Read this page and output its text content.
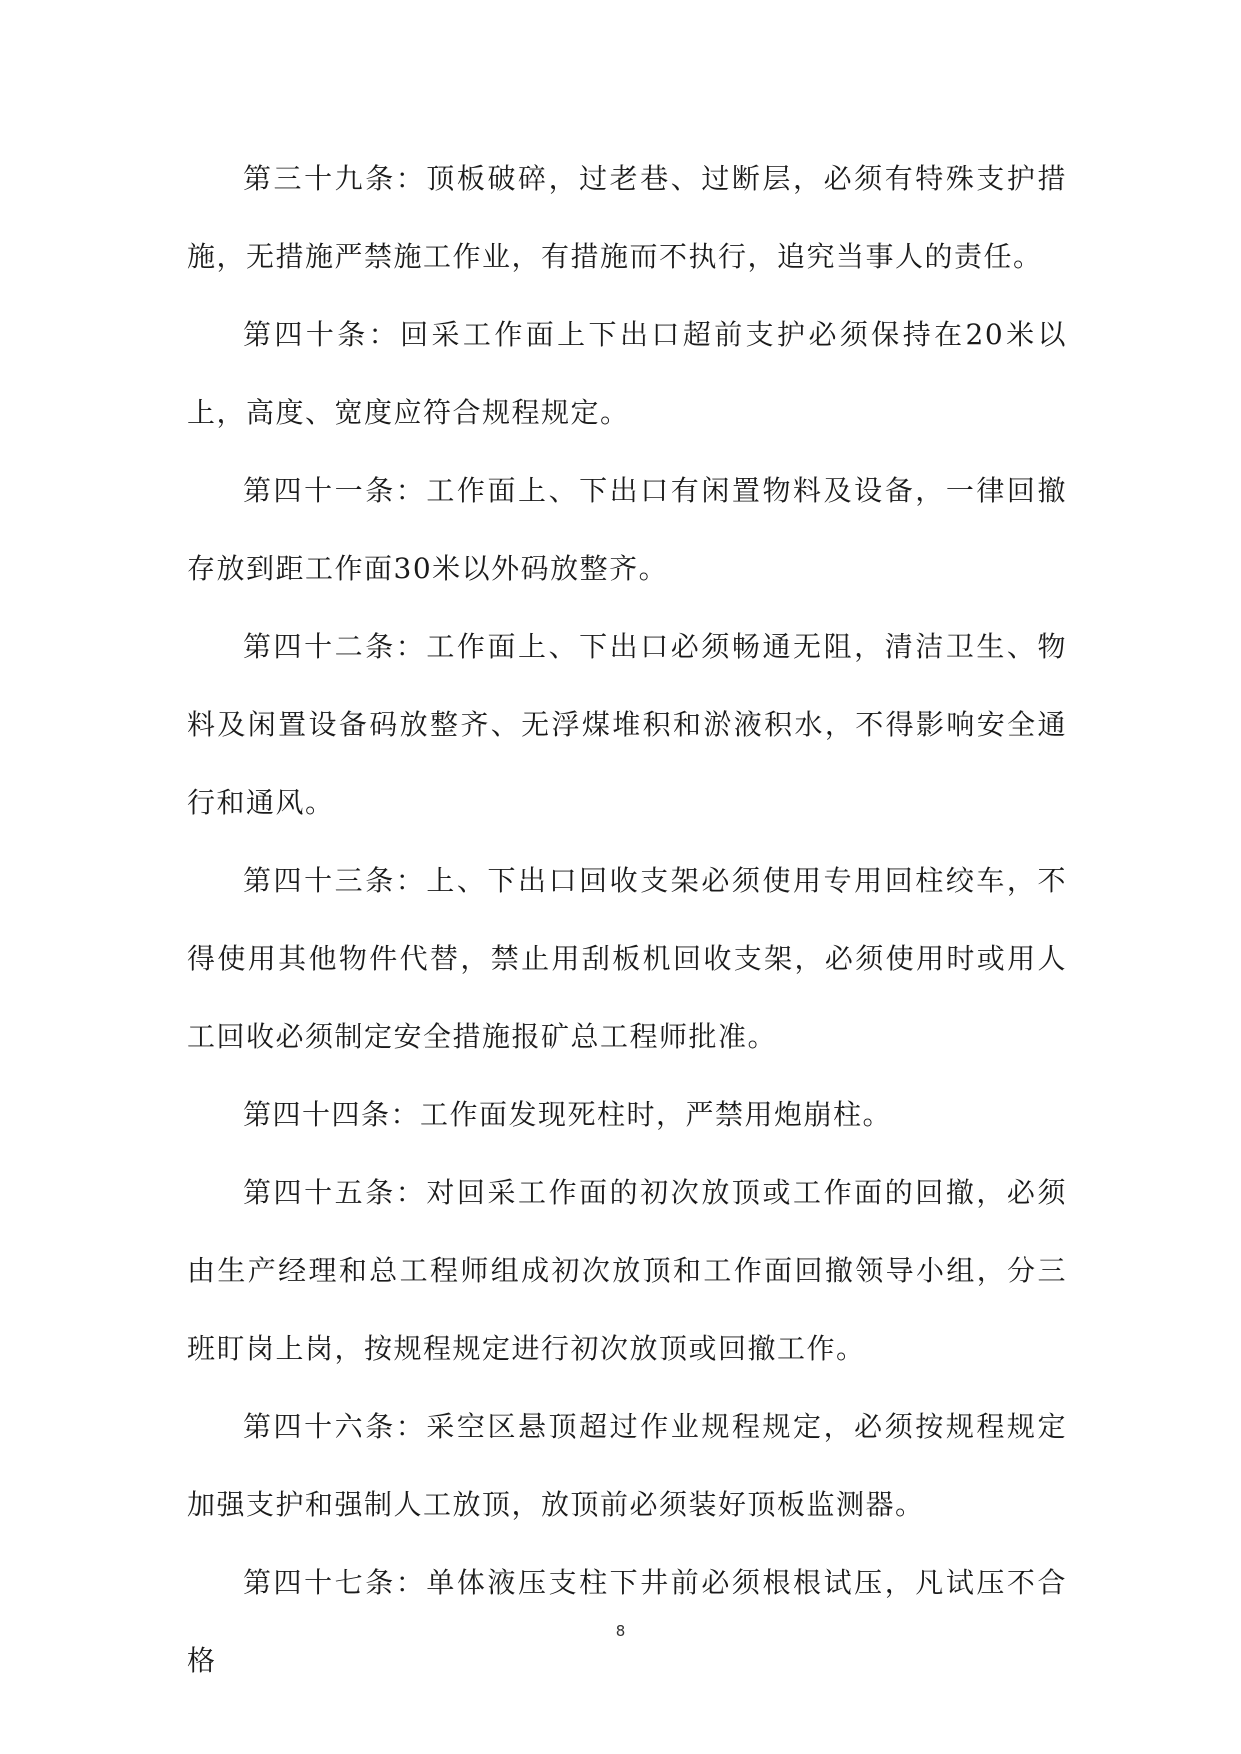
第三十九条：顶板破碎，过老巷、过断层，必须有特殊支护措施，无措施严禁施工作业，有措施而不执行，追究当事人的责任。

第四十条：回采工作面上下出口超前支护必须保持在20米以上，高度、宽度应符合规程规定。

第四十一条：工作面上、下出口有闲置物料及设备，一律回撤存放到距工作面30米以外码放整齐。

第四十二条：工作面上、下出口必须畅通无阻，清洁卫生、物料及闲置设备码放整齐、无浮煤堆积和淤液积水，不得影响安全通行和通风。

第四十三条：上、下出口回收支架必须使用专用回柱绞车，不得使用其他物件代替，禁止用刮板机回收支架，必须使用时或用人工回收必须制定安全措施报矿总工程师批准。

第四十四条：工作面发现死柱时，严禁用炮崩柱。

第四十五条：对回采工作面的初次放顶或工作面的回撤，必须由生产经理和总工程师组成初次放顶和工作面回撤领导小组，分三班盯岗上岗，按规程规定进行初次放顶或回撤工作。

第四十六条：采空区悬顶超过作业规程规定，必须按规程规定加强支护和强制人工放顶，放顶前必须装好顶板监测器。

第四十七条：单体液压支柱下井前必须根根试压，凡试压不合格

8
